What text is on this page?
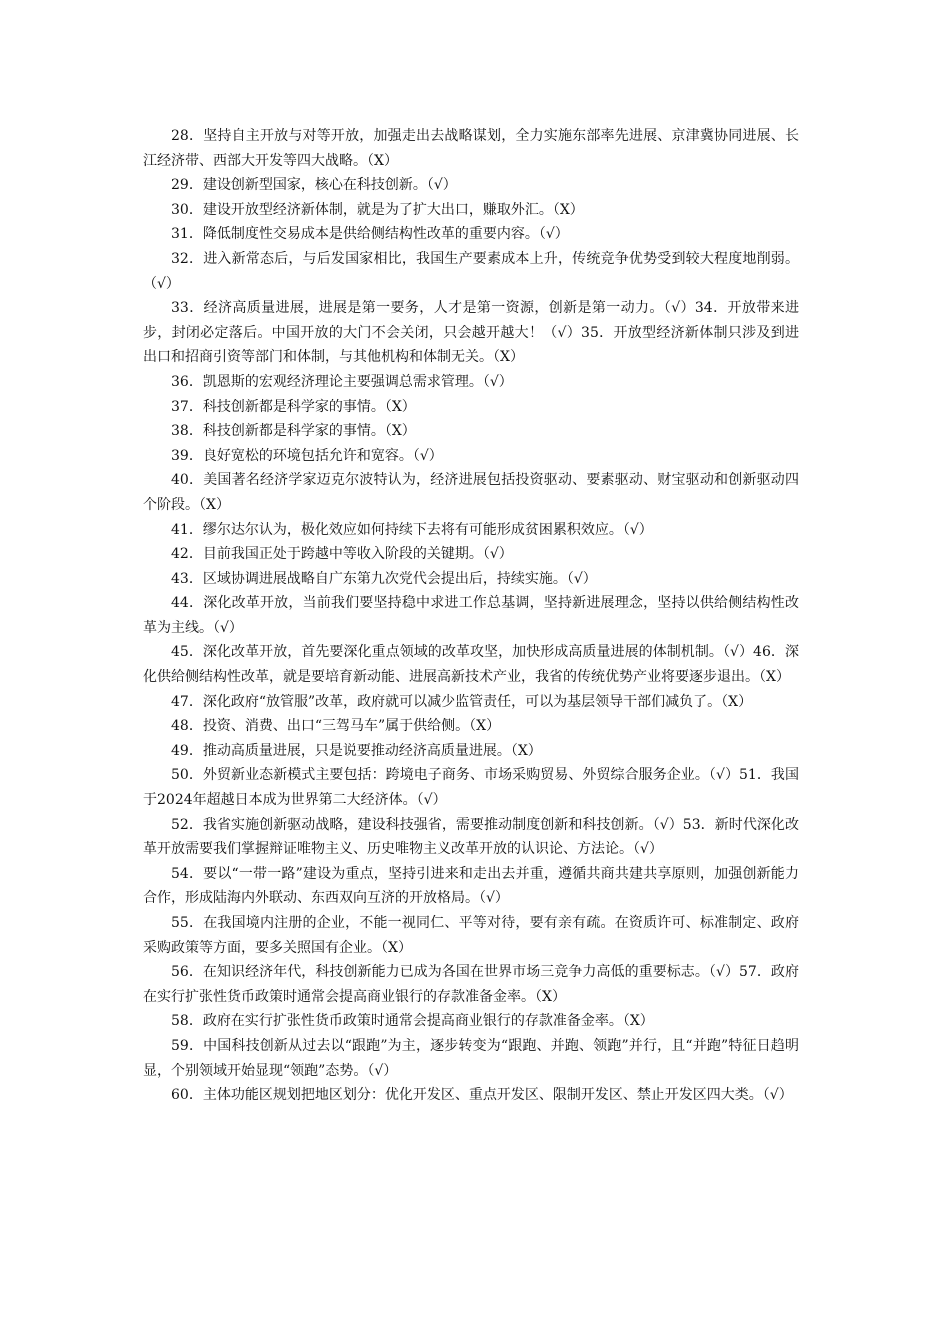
28．坚持自主开放与对等开放，加强走出去战略谋划，全力实施东部率先进展、京津冀协同进展、长江经济带、西部大开发等四大战略。（X）

29．建设创新型国家，核心在科技创新。（√）

30．建设开放型经济新体制，就是为了扩大出口，赚取外汇。（X）

31．降低制度性交易成本是供给侧结构性改革的重要内容。（√）

32．进入新常态后，与后发国家相比，我国生产要素成本上升，传统竞争优势受到较大程度地削弱。（√）

33．经济高质量进展，进展是第一要务，人才是第一资源，创新是第一动力。（√）34．开放带来进步，封闭必定落后。中国开放的大门不会关闭，只会越开越大！（√）35．开放型经济新体制只涉及到进出口和招商引资等部门和体制，与其他机构和体制无关。（X）

36．凯恩斯的宏观经济理论主要强调总需求管理。（√）

37．科技创新都是科学家的事情。（X）

38．科技创新都是科学家的事情。（X）

39．良好宽松的环境包括允许和宽容。（√）

40．美国著名经济学家迈克尔波特认为，经济进展包括投资驱动、要素驱动、财宝驱动和创新驱动四个阶段。（X）

41．缪尔达尔认为，极化效应如何持续下去将有可能形成贫困累积效应。（√）

42．目前我国正处于跨越中等收入阶段的关键期。（√）

43．区域协调进展战略自广东第九次党代会提出后，持续实施。（√）

44．深化改革开放，当前我们要坚持稳中求进工作总基调，坚持新进展理念，坚持以供给侧结构性改革为主线。（√）

45．深化改革开放，首先要深化重点领域的改革攻坚，加快形成高质量进展的体制机制。（√）46．深化供给侧结构性改革，就是要培育新动能、进展高新技术产业，我省的传统优势产业将要逐步退出。（X）

47．深化政府“放管服”改革，政府就可以减少监管责任，可以为基层领导干部们减负了。（X）

48．投资、消费、出口“三驾马车”属于供给侧。（X）

49．推动高质量进展，只是说要推动经济高质量进展。（X）

50．外贸新业态新模式主要包括：跨境电子商务、市场采购贸易、外贸综合服务企业。（√）51．我国于2024年超越日本成为世界第二大经济体。（√）

52．我省实施创新驱动战略，建设科技强省，需要推动制度创新和科技创新。（√）53．新时代深化改革开放需要我们掌握辩证唯物主义、历史唯物主义改革开放的认识论、方法论。（√）

54．要以“一带一路”建设为重点，坚持引进来和走出去并重，遵循共商共建共享原则，加强创新能力合作，形成陆海内外联动、东西双向互济的开放格局。（√）

55．在我国境内注册的企业，不能一视同仁、平等对待，要有亲有疏。在资质许可、标准制定、政府采购政策等方面，要多关照国有企业。（X）

56．在知识经济年代，科技创新能力已成为各国在世界市场三竞争力高低的重要标志。（√）57．政府在实行扩张性货币政策时通常会提高商业银行的存款准备金率。（X）

58．政府在实行扩张性货币政策时通常会提高商业银行的存款准备金率。（X）

59．中国科技创新从过去以“跟跑”为主，逐步转变为“跟跑、并跑、领跑”并行，且“并跑”特征日趋明显，个别领域开始显现“领跑”态势。（√）

60．主体功能区规划把地区划分：优化开发区、重点开发区、限制开发区、禁止开发区四大类。（√）
